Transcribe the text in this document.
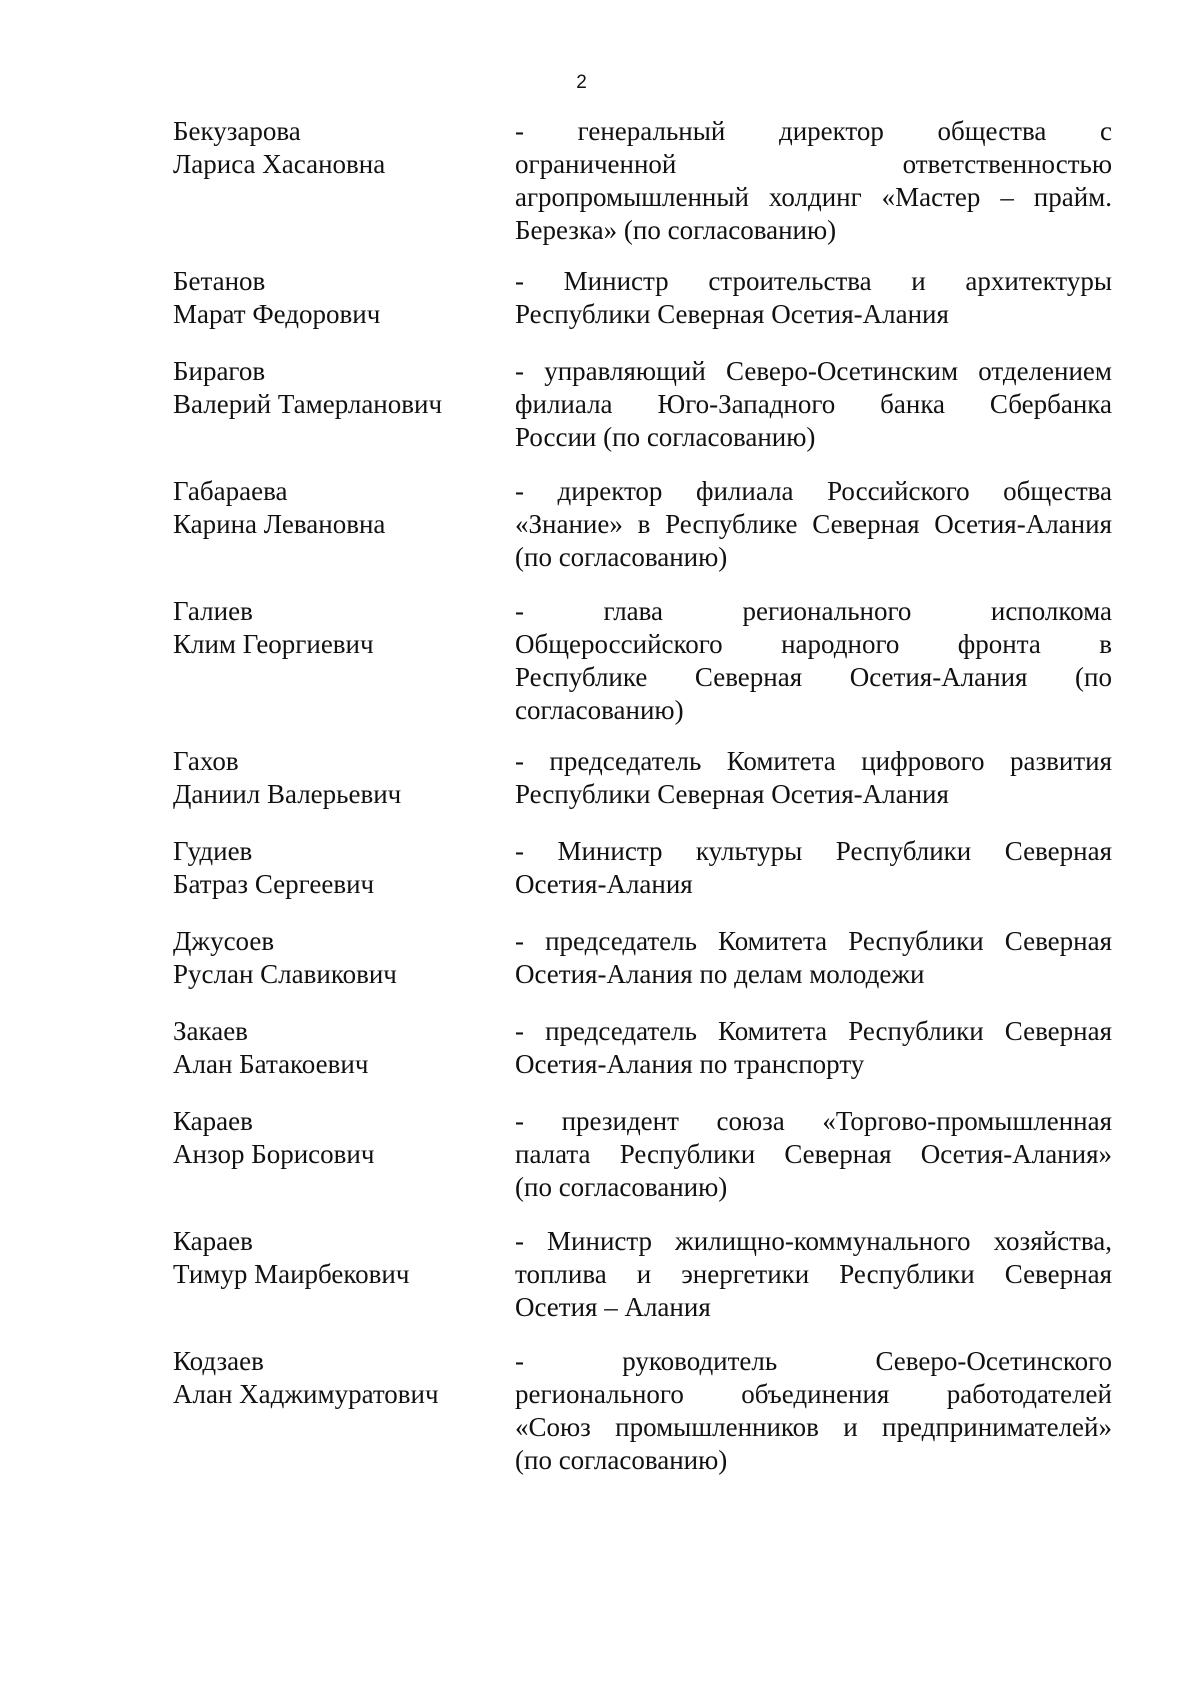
2
Бекузарова
Лариса Хасановна
-   генеральный   директор   общества   с
ограниченной ответственностью
агропромышленный холдинг «Мастер – прайм.
Березка» (по согласованию)
Бетанов
Марат Федорович
- Министр строительства и архитектуры
Республики Северная Осетия-Алания
Бирагов
Валерий Тамерланович
- управляющий Северо-Осетинским отделением
филиала Юго-Западного банка Сбербанка
России (по согласованию)
Габараева
Карина Левановна
- директор филиала Российского общества
«Знание» в Республике Северная Осетия-Алания
(по согласованию)
Галиев
Клим Георгиевич
- глава регионального исполкома
Общероссийского народного фронта в
Республике Северная Осетия-Алания (по
согласованию)
Гахов
Даниил Валерьевич
- председатель Комитета цифрового развития
Республики Северная Осетия-Алания
Гудиев
Батраз Сергеевич
- Министр культуры Республики Северная
Осетия-Алания
Джусоев
Руслан Славикович
- председатель Комитета Республики Северная
Осетия-Алания по делам молодежи
Закаев
Алан Батакоевич
- председатель Комитета Республики Северная
Осетия-Алания по транспорту
Караев
Анзор Борисович
- президент союза «Торгово-промышленная
палата Республики Северная Осетия-Алания»
(по согласованию)
Караев
Тимур Маирбекович
- Министр жилищно-коммунального хозяйства,
топлива и энергетики Республики Северная
Осетия – Алания
Кодзаев
Алан Хаджимуратович
- руководитель Северо-Осетинского
регионального объединения работодателей
«Союз промышленников и предпринимателей»
(по согласованию)
